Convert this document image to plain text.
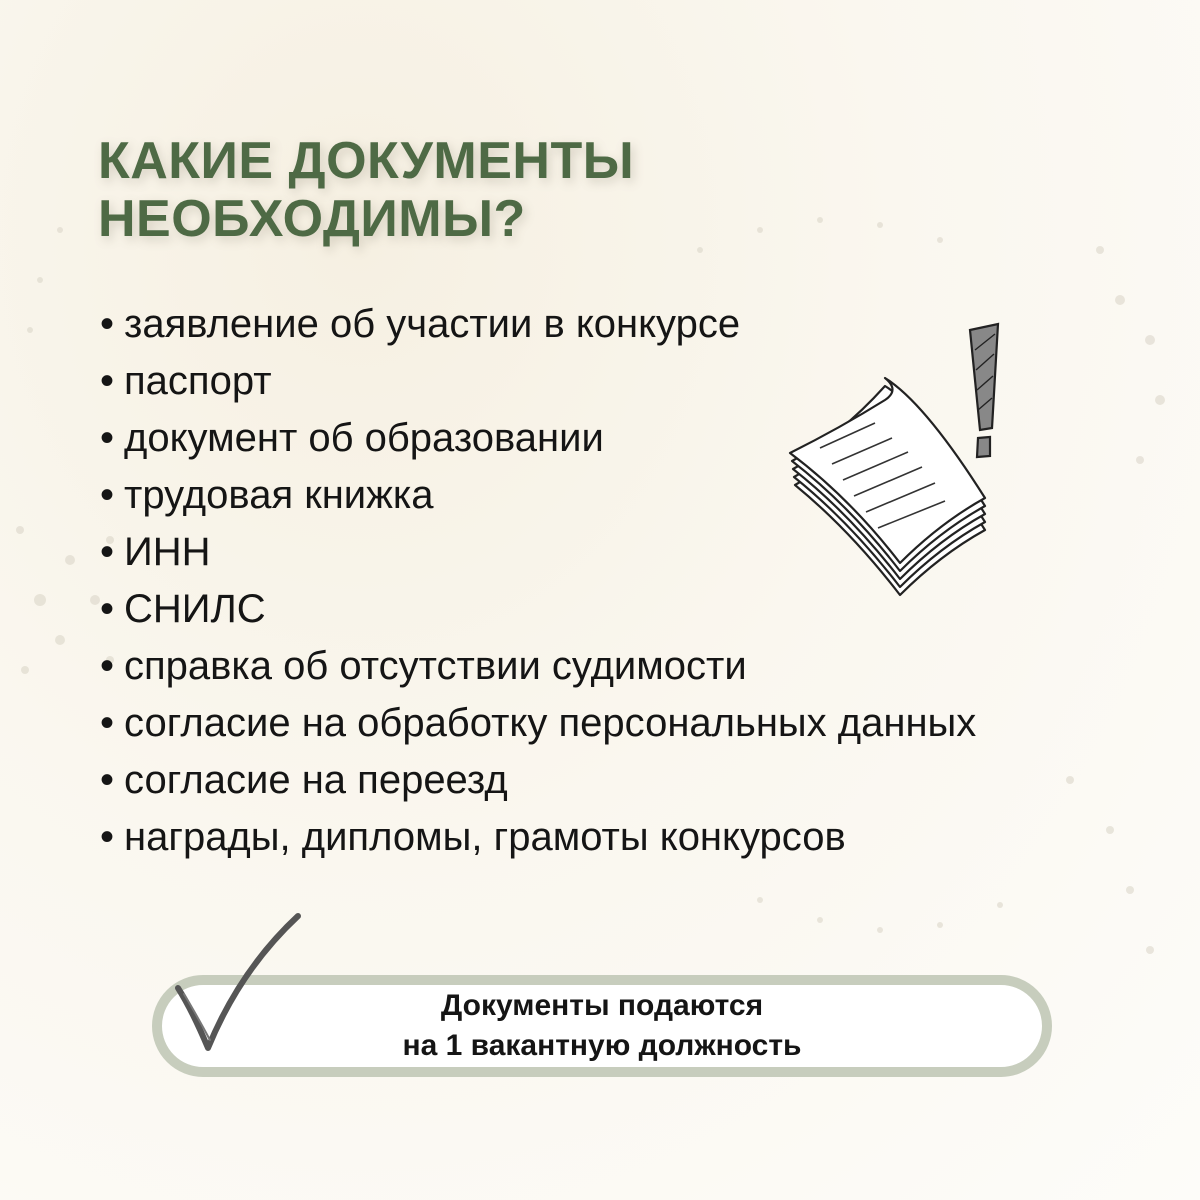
КАКИЕ ДОКУМЕНТЫ
НЕОБХОДИМЫ?
• заявление об участии в конкурсе
• паспорт
• документ об образовании
• трудовая книжка
• ИНН
• СНИЛС
• справка об отсутствии судимости
• согласие на обработку персональных данных
• согласие на переезд
• награды, дипломы, грамоты конкурсов
Документы подаются
на 1 вакантную должность
